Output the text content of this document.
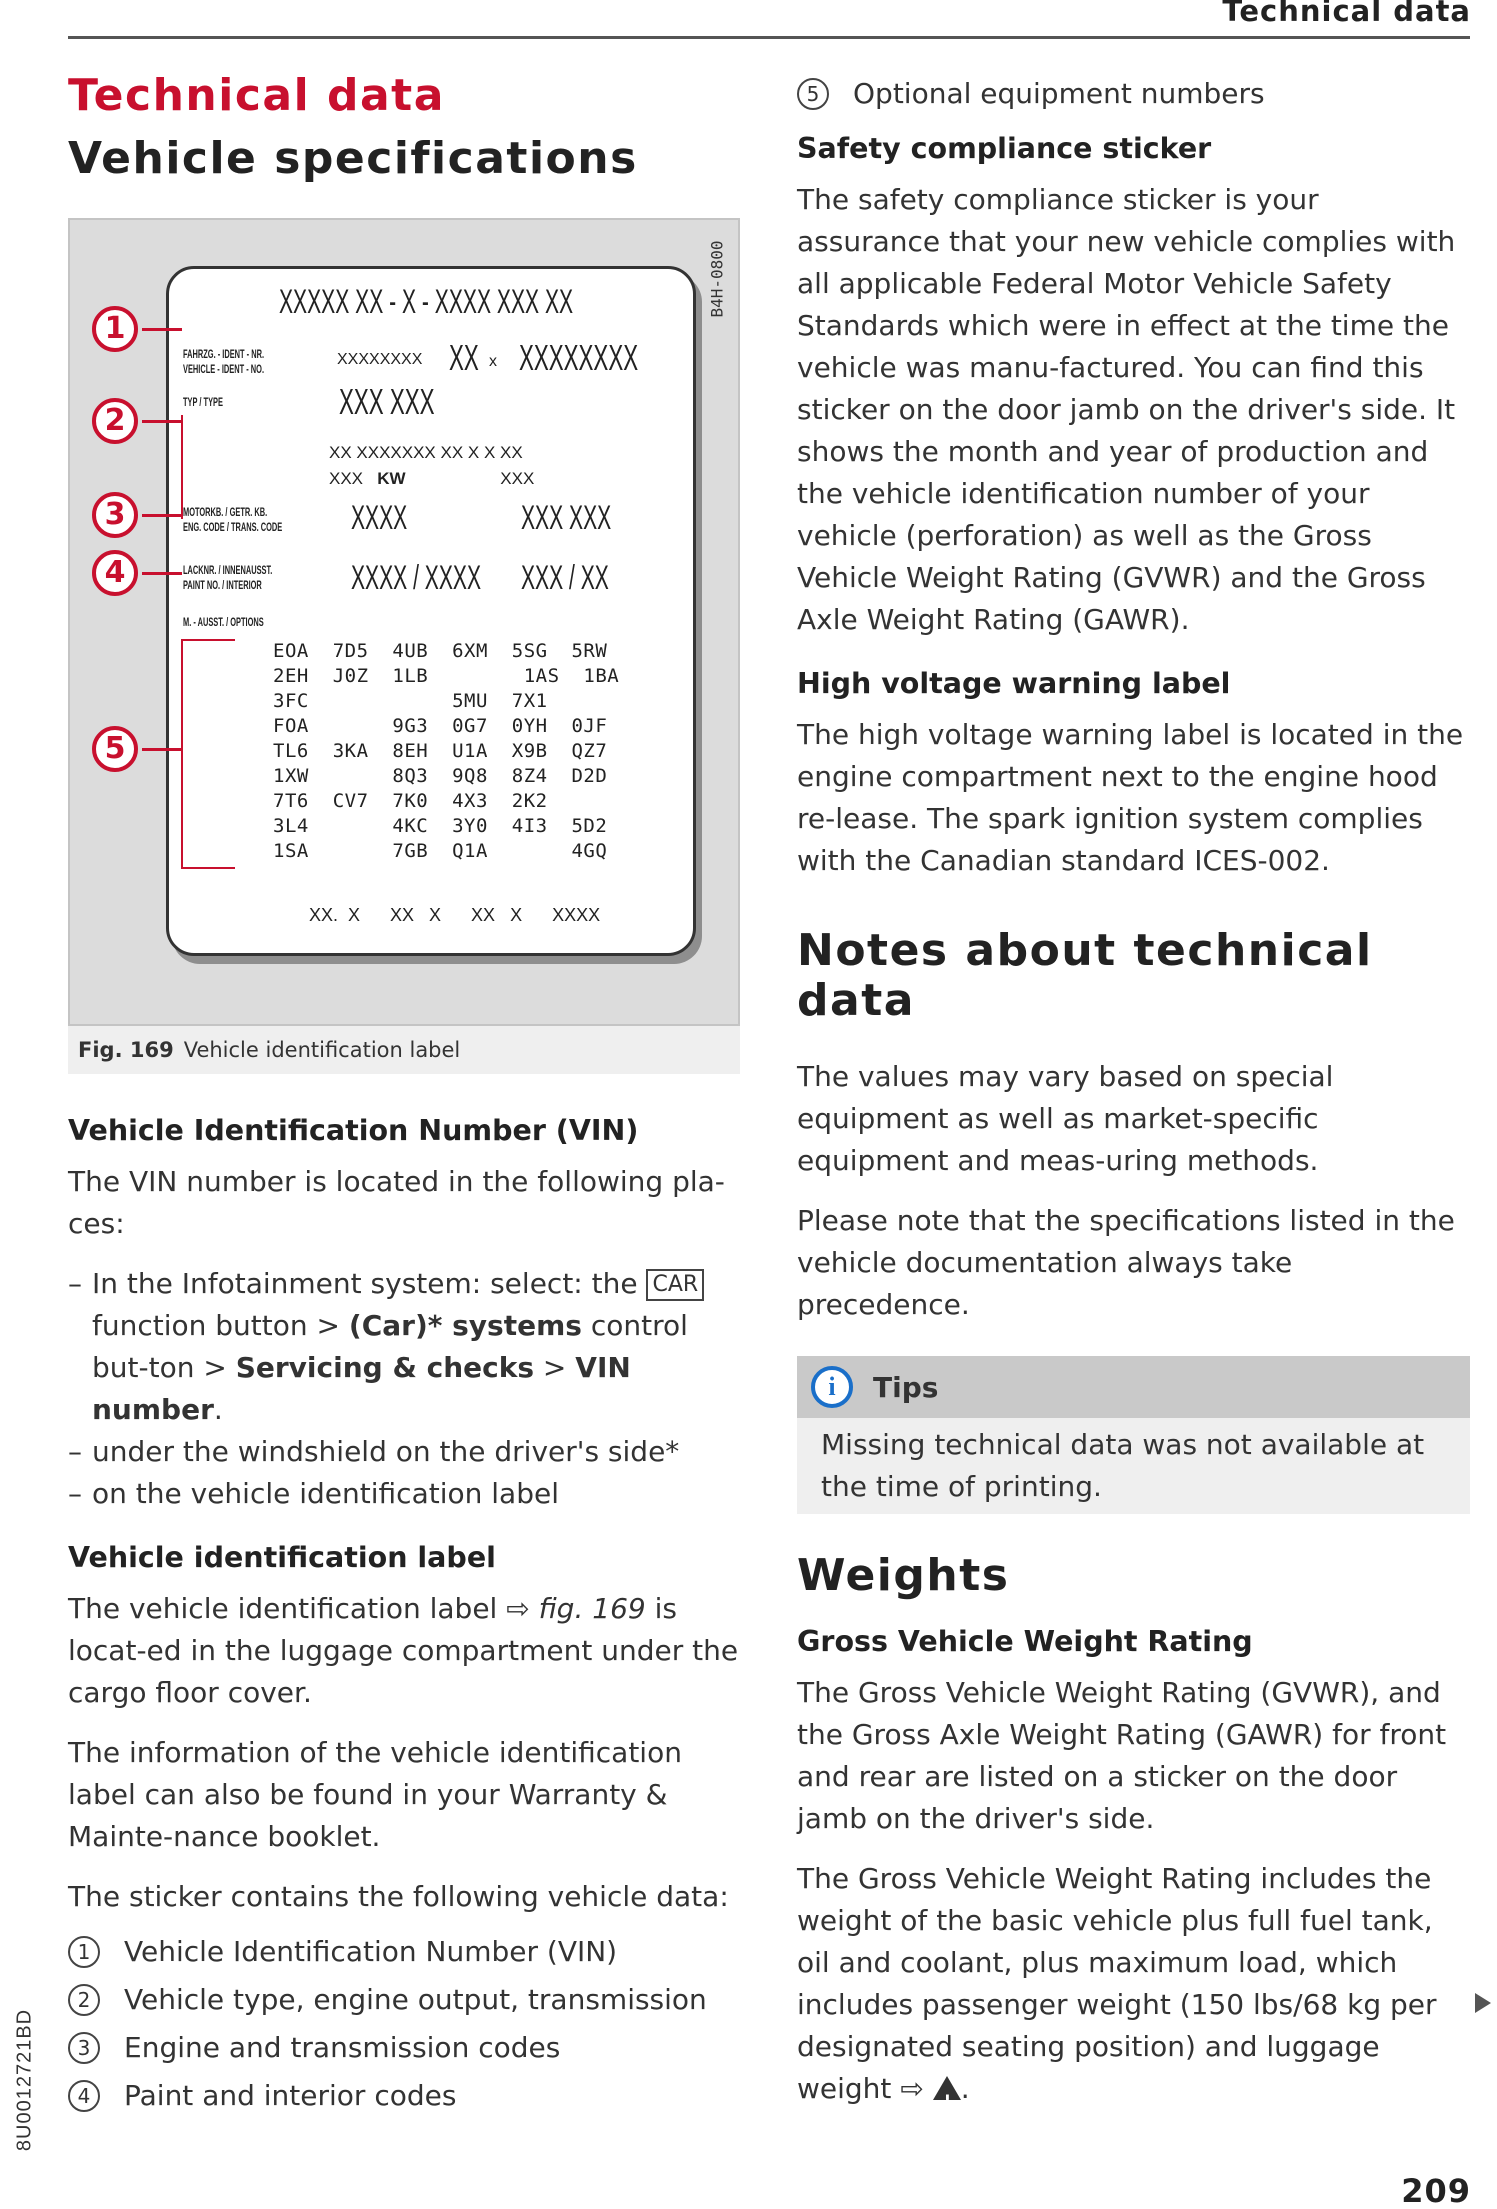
Technical data
Technical data
Vehicle specifications
B4H-0800
XXXXX XX - X - XXXX XXX XX
FAHRZG. - IDENT - NR.
VEHICLE - IDENT - NO.
XXXXXXXX XX x XXXXXXXX
TYP / TYPE	XXX XXX
XX XXXXXXX XX X X XX
XXX KW	XXX
MOTORKB. / GETR. KB.
ENG. CODE / TRANS. CODE	XXXX	XXX XXX
LACKNR. / INNENAUSST.
PAINT NO. / INTERIOR	XXXX / XXXX	XXX / XX
M. - AUSST. / OPTIONS
EOA  7D5  4UB  6XM  5SG  5RW
2EH  J0Z  1LB        1AS  1BA
3FC            5MU  7X1
FOA       9G3  0G7  0YH  0JF
TL6  3KA  8EH  U1A  X9B  QZ7
1XW       8Q3  9Q8  8Z4  D2D
7T6  CV7  7K0  4X3  2K2
3L4       4KC  3Y0  4I3  5D2
1SA       7GB  Q1A       4GQ
XX.  X      XX   X      XX   X      XXXX
1
2
3
4
5
Fig. 169 Vehicle identification label
Vehicle Identification Number (VIN)

The VIN number is located in the following pla-ces:

– In the Infotainment system: select: the CAR function button > (Car)* systems control but-ton > Servicing & checks > VIN number.
– under the windshield on the driver's side*
– on the vehicle identification label
Vehicle identification label

The vehicle identification label ⇨ fig. 169 is locat-ed in the luggage compartment under the cargo floor cover.

The information of the vehicle identification label can also be found in your Warranty & Mainte-nance booklet.

The sticker contains the following vehicle data:

1	Vehicle Identification Number (VIN)
2	Vehicle type, engine output, transmission
3	Engine and transmission codes
4	Paint and interior codes
5	Optional equipment numbers
Safety compliance sticker

The safety compliance sticker is your assurance that your new vehicle complies with all applicable Federal Motor Vehicle Safety Standards which were in effect at the time the vehicle was manu-factured. You can find this sticker on the door jamb on the driver's side. It shows the month and year of production and the vehicle identification number of your vehicle (perforation) as well as the Gross Vehicle Weight Rating (GVWR) and the Gross Axle Weight Rating (GAWR).

High voltage warning label

The high voltage warning label is located in the engine compartment next to the engine hood re-lease. The spark ignition system complies with the Canadian standard ICES-002.

Notes about technical data

The values may vary based on special equipment as well as market-specific equipment and meas-uring methods.

Please note that the specifications listed in the vehicle documentation always take precedence.

i	Tips
Missing technical data was not available at the time of printing.
Weights
Gross Vehicle Weight Rating

The Gross Vehicle Weight Rating (GVWR), and the Gross Axle Weight Rating (GAWR) for front and rear are listed on a sticker on the door jamb on the driver's side.

The Gross Vehicle Weight Rating includes the weight of the basic vehicle plus full fuel tank, oil and coolant, plus maximum load, which includes passenger weight (150 lbs/68 kg per designated seating position) and luggage weight ⇨ ! .

8U0012721BD
209
